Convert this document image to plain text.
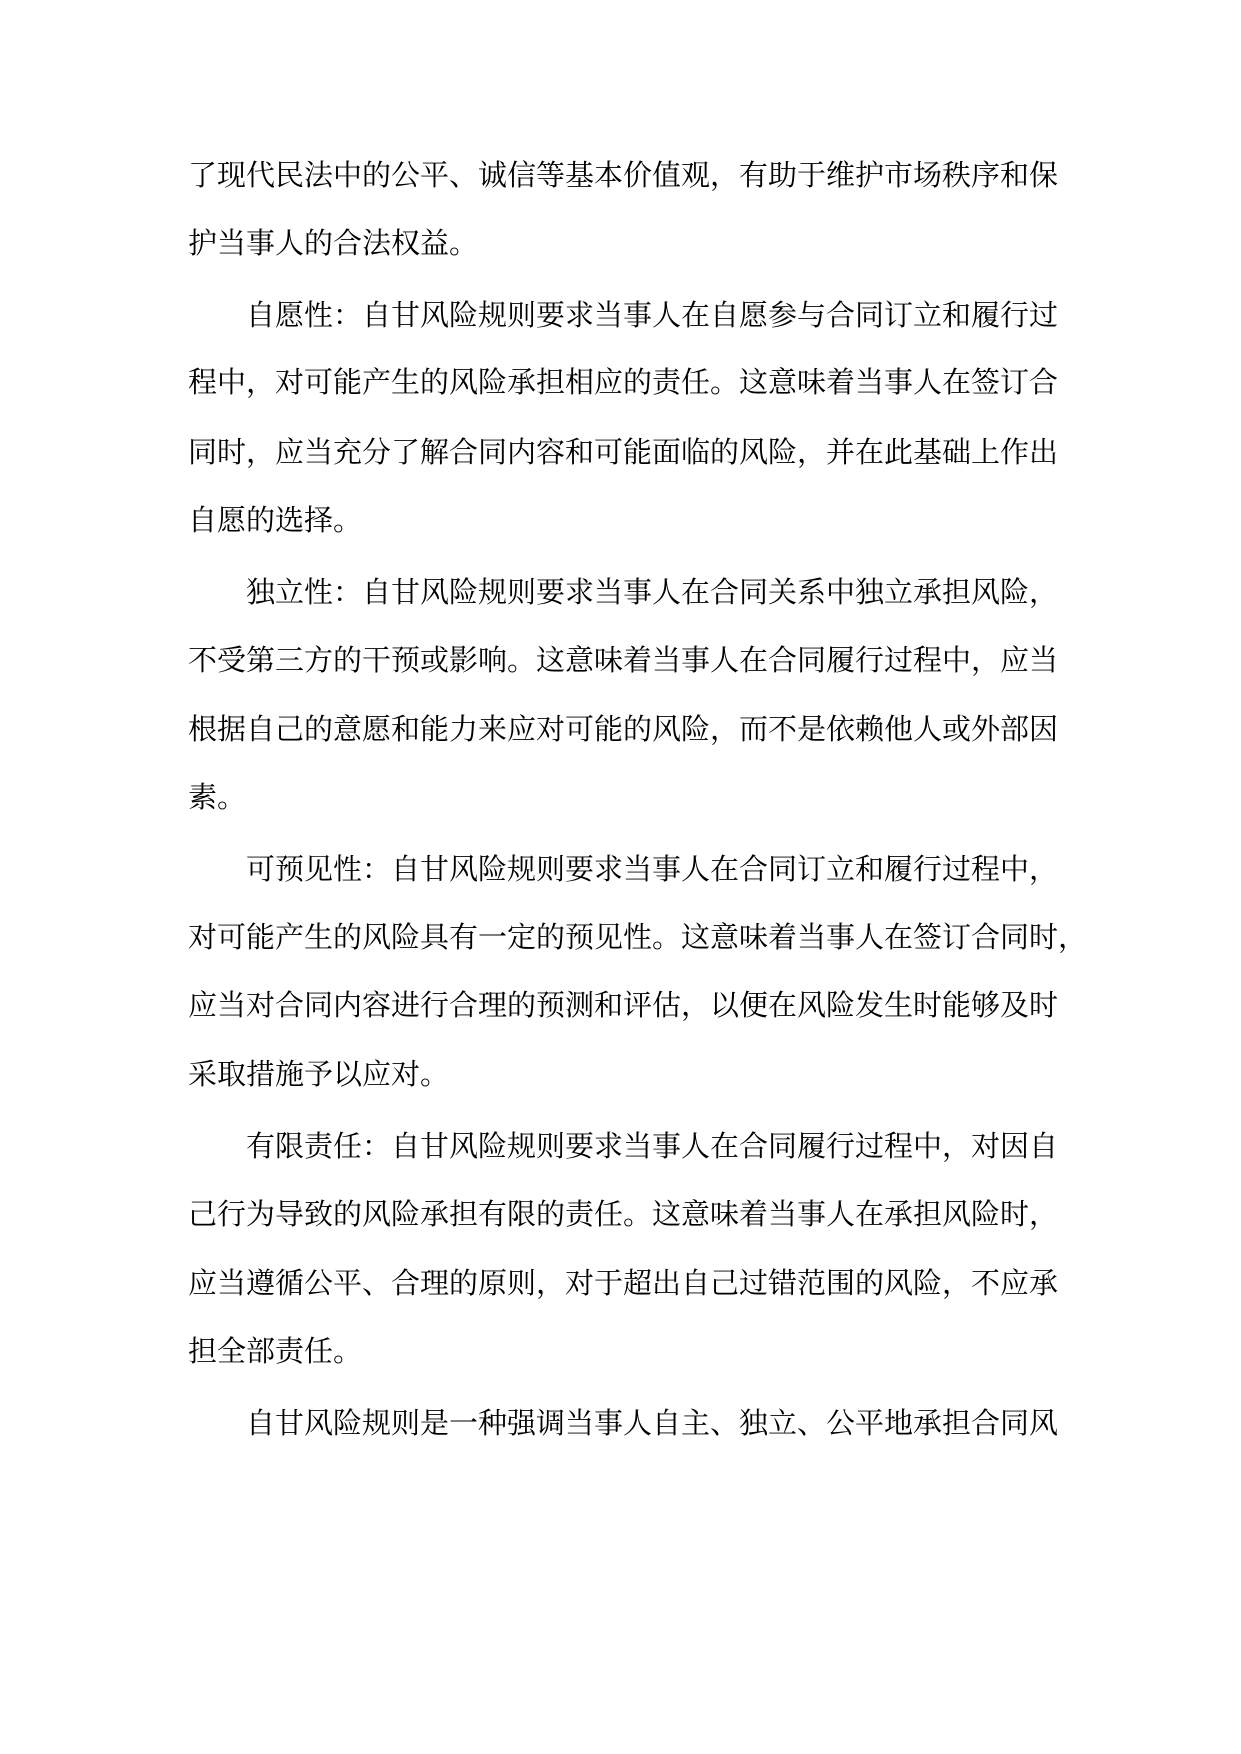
了现代民法中的公平、诚信等基本价值观，有助于维护市场秩序和保
护当事人的合法权益。
自愿性：自甘风险规则要求当事人在自愿参与合同订立和履行过
程中，对可能产生的风险承担相应的责任。这意味着当事人在签订合
同时，应当充分了解合同内容和可能面临的风险，并在此基础上作出
自愿的选择。
独立性：自甘风险规则要求当事人在合同关系中独立承担风险，
不受第三方的干预或影响。这意味着当事人在合同履行过程中，应当
根据自己的意愿和能力来应对可能的风险，而不是依赖他人或外部因
素。
可预见性：自甘风险规则要求当事人在合同订立和履行过程中，
对可能产生的风险具有一定的预见性。这意味着当事人在签订合同时，
应当对合同内容进行合理的预测和评估，以便在风险发生时能够及时
采取措施予以应对。
有限责任：自甘风险规则要求当事人在合同履行过程中，对因自
己行为导致的风险承担有限的责任。这意味着当事人在承担风险时，
应当遵循公平、合理的原则，对于超出自己过错范围的风险，不应承
担全部责任。
自甘风险规则是一种强调当事人自主、独立、公平地承担合同风
